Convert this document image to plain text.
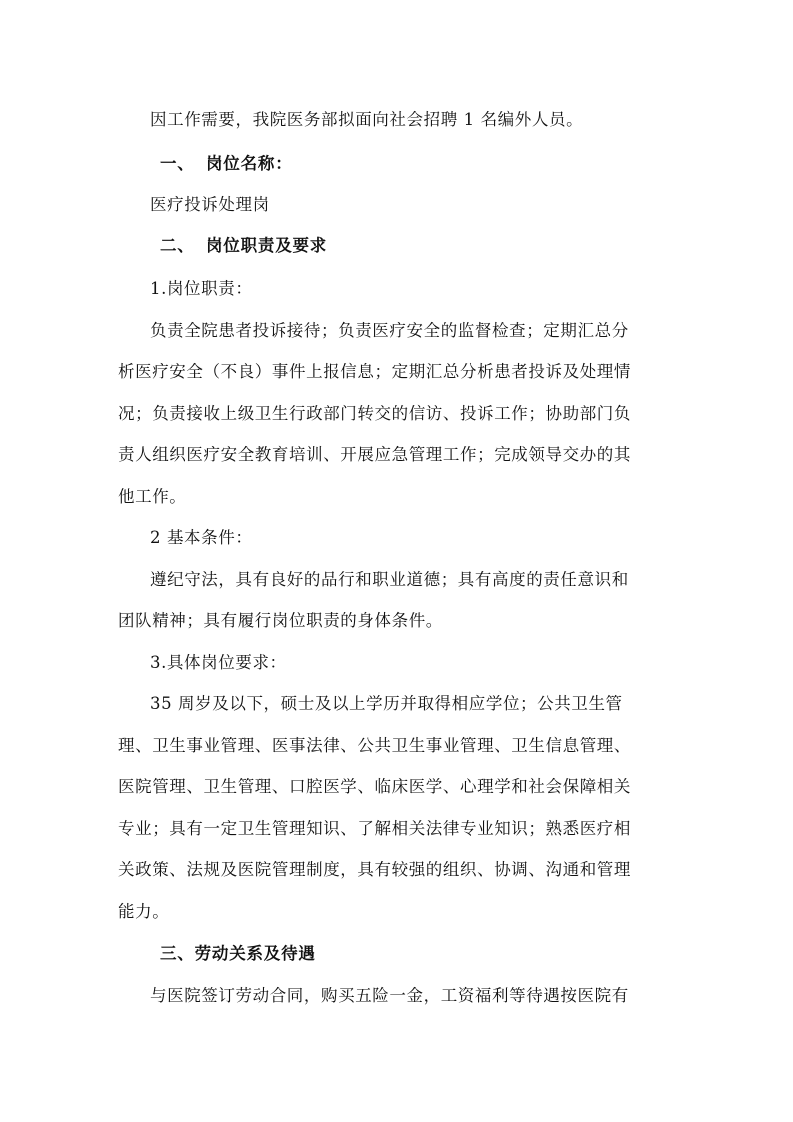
因工作需要，我院医务部拟面向社会招聘 1 名编外人员。
一、 岗位名称：
医疗投诉处理岗
二、 岗位职责及要求
1.岗位职责：
负责全院患者投诉接待；负责医疗安全的监督检查；定期汇总分
析医疗安全（不良）事件上报信息；定期汇总分析患者投诉及处理情
况；负责接收上级卫生行政部门转交的信访、投诉工作；协助部门负
责人组织医疗安全教育培训、开展应急管理工作；完成领导交办的其
他工作。
2 基本条件：
遵纪守法，具有良好的品行和职业道德；具有高度的责任意识和
团队精神；具有履行岗位职责的身体条件。
3.具体岗位要求：
35 周岁及以下，硕士及以上学历并取得相应学位；公共卫生管
理、卫生事业管理、医事法律、公共卫生事业管理、卫生信息管理、
医院管理、卫生管理、口腔医学、临床医学、心理学和社会保障相关
专业；具有一定卫生管理知识、了解相关法律专业知识；熟悉医疗相
关政策、法规及医院管理制度，具有较强的组织、协调、沟通和管理
能力。
三、劳动关系及待遇
与医院签订劳动合同，购买五险一金，工资福利等待遇按医院有
